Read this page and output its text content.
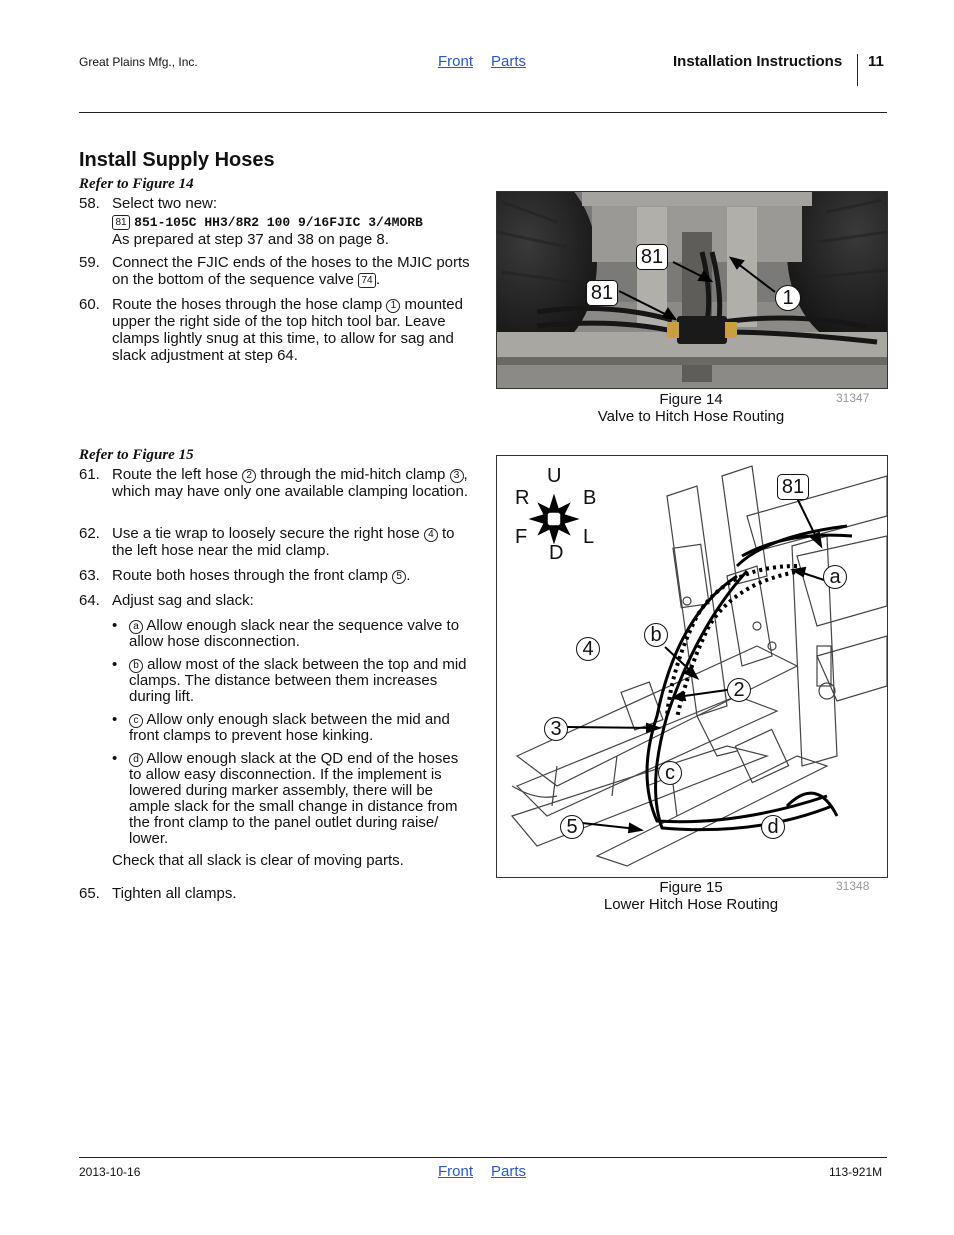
Great Plains Mfg., Inc.	Front Parts	Installation Instructions 11
Install Supply Hoses
Refer to Figure 14
58. Select two new:
81 851-105C HH3/8R2 100 9/16FJIC 3/4MORB
As prepared at step 37 and 38 on page 8.
59. Connect the FJIC ends of the hoses to the MJIC ports on the bottom of the sequence valve 74 .
60. Route the hoses through the hose clamp 1 mounted upper the right side of the top hitch tool bar. Leave clamps lightly snug at this time, to allow for sag and slack adjustment at step 64.
81
81	1
Figure 14
Valve to Hitch Hose Routing
31347
Refer to Figure 15
61. Route the left hose 2 through the mid-hitch clamp 3 , which may have only one available clamping location.
62. Use a tie wrap to loosely secure the right hose 4 to the left hose near the mid clamp.
63. Route both hoses through the front clamp 5 .
64. Adjust sag and slack:
•	a Allow enough slack near the sequence valve to allow hose disconnection.
•	b allow most of the slack between the top and mid clamps. The distance between them increases during lift.
•	c Allow only enough slack between the mid and front clamps to prevent hose kinking.
•	d Allow enough slack at the QD end of the hoses to allow easy disconnection. If the implement is lowered during marker assembly, there will be ample slack for the small change in distance from the front clamp to the panel outlet during raise/ lower.
Check that all slack is clear of moving parts.
65. Tighten all clamps.
U
R	B
F	L
D
81
a
b
4
2
3
c
5	d
Figure 15
Lower Hitch Hose Routing
31348
2013-10-16	Front Parts	113-921M
